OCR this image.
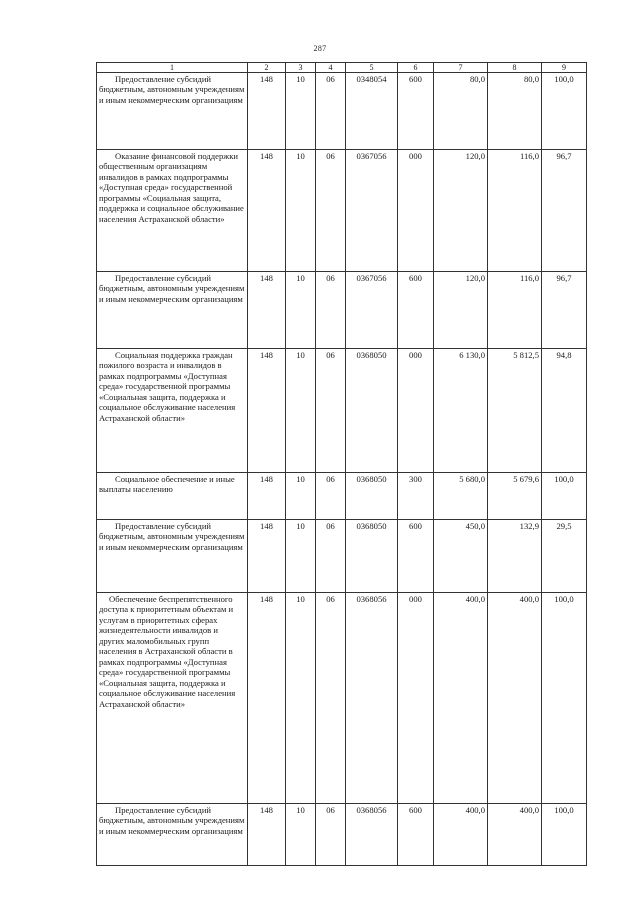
287
1	2	3	4	5	6	7	8	9

Предоставление субсидий бюджетным, автономным учреждениям и иным некоммерческим организациям	148	10	06	0348054	600	80,0	80,0	100,0

Оказание финансовой поддержки общественным организациям инвалидов в рамках подпрограммы «Доступная среда» государственной программы «Социальная защита, поддержка и социальное обслуживание населения Астраханской области»	148	10	06	0367056	000	120,0	116,0	96,7

Предоставление субсидий бюджетным, автономным учреждениям и иным некоммерческим организациям	148	10	06	0367056	600	120,0	116,0	96,7

Социальная поддержка граждан пожилого возраста и инвалидов в рамках подпрограммы «Доступная среда» государственной программы «Социальная защита, поддержка и социальное обслуживание населения Астраханской области»	148	10	06	0368050	000	6 130,0	5 812,5	94,8

Социальное обеспечение и иные выплаты населению	148	10	06	0368050	300	5 680,0	5 679,6	100,0

Предоставление субсидий бюджетным, автономным учреждениям и иным некоммерческим организациям	148	10	06	0368050	600	450,0	132,9	29,5

Обеспечение беспрепятственного доступа к приоритетным объектам и услугам в приоритетных сферах жизнедеятельности инвалидов и других маломобильных групп населения в Астраханской области в рамках подпрограммы «Доступная среда» государственной программы «Социальная защита, поддержка и социальное обслуживание населения Астраханской области»	148	10	06	0368056	000	400,0	400,0	100,0

Предоставление субсидий бюджетным, автономным учреждениям и иным некоммерческим организациям	148	10	06	0368056	600	400,0	400,0	100,0
